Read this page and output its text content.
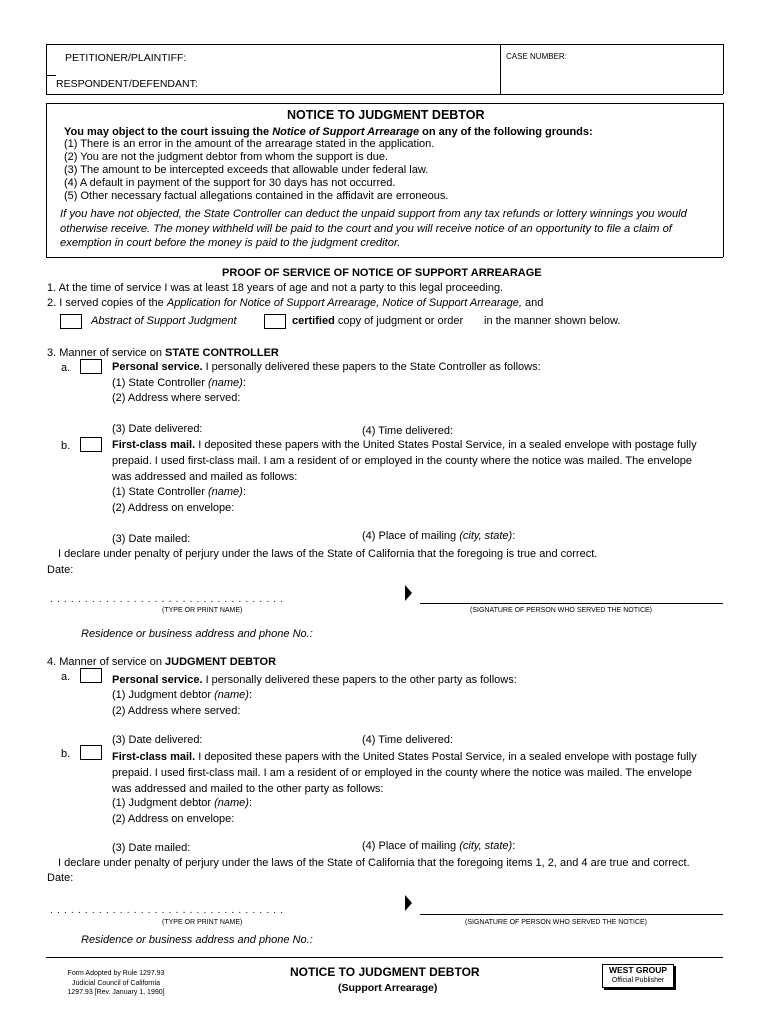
PETITIONER/PLAINTIFF:
RESPONDENT/DEFENDANT:
CASE NUMBER:
NOTICE TO JUDGMENT DEBTOR
You may object to the court issuing the Notice of Support Arrearage on any of the following grounds:
(1) There is an error in the amount of the arrearage stated in the application.
(2) You are not the judgment debtor from whom the support is due.
(3) The amount to be intercepted exceeds that allowable under federal law.
(4) A default in payment of the support for 30 days has not occurred.
(5) Other necessary factual allegations contained in the affidavit are erroneous.
If you have not objected, the State Controller can deduct the unpaid support from any tax refunds or lottery winnings you would
otherwise receive. The money withheld will be paid to the court and you will receive notice of an opportunity to file a claim of
exemption in court before the money is paid to the judgment creditor.
PROOF OF SERVICE OF NOTICE OF SUPPORT ARREARAGE
1. At the time of service I was at least 18 years of age and not a party to this legal proceeding.
2. I served copies of the Application for Notice of Support Arrearage, Notice of Support Arrearage, and
Abstract of Support Judgment	certified copy of judgment or order in the manner shown below.
3. Manner of service on STATE CONTROLLER
a.	Personal service. I personally delivered these papers to the State Controller as follows:
(1) State Controller (name):
(2) Address where served:
(3) Date delivered:	(4) Time delivered:
b.	First-class mail. I deposited these papers with the United States Postal Service, in a sealed envelope with postage fully
prepaid. I used first-class mail. I am a resident of or employed in the county where the notice was mailed. The envelope
was addressed and mailed as follows:
(1) State Controller (name):
(2) Address on envelope:
(3) Date mailed:	(4) Place of mailing (city, state):
I declare under penalty of perjury under the laws of the State of California that the foregoing is true and correct.
Date:
..................................
(TYPE OR PRINT NAME)	(SIGNATURE OF PERSON WHO SERVED THE NOTICE)
Residence or business address and phone No.:
4. Manner of service on JUDGMENT DEBTOR
a.	Personal service. I personally delivered these papers to the other party as follows:
(1) Judgment debtor (name):
(2) Address where served:
(3) Date delivered:	(4) Time delivered:
b.	First-class mail. I deposited these papers with the United States Postal Service, in a sealed envelope with postage fully
prepaid. I used first-class mail. I am a resident of or employed in the county where the notice was mailed. The envelope
was addressed and mailed to the other party as follows:
(1) Judgment debtor (name):
(2) Address on envelope:
(3) Date mailed:	(4) Place of mailing (city, state):
I declare under penalty of perjury under the laws of the State of California that the foregoing items 1, 2, and 4 are true and correct.
Date:
..................................
(TYPE OR PRINT NAME)	(SIGNATURE OF PERSON WHO SERVED THE NOTICE)
Residence or business address and phone No.:
Form Adopted by Rule 1297.93
Judicial Council of California
1297.93 [Rev. January 1, 1990]
NOTICE TO JUDGMENT DEBTOR
(Support Arrearage)
WEST GROUP
Official Publisher
